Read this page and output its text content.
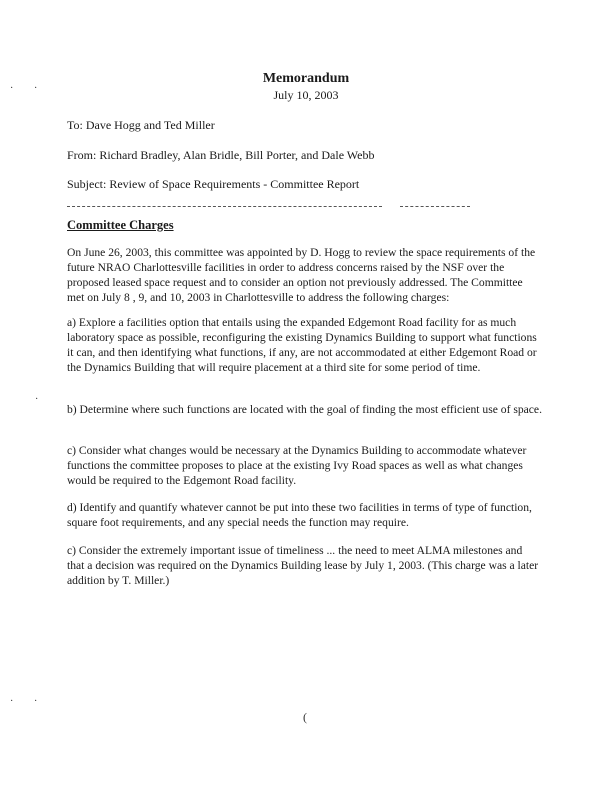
Memorandum
July 10, 2003
To: Dave Hogg and Ted Miller
From: Richard Bradley, Alan Bridle, Bill Porter, and Dale Webb
Subject: Review of Space Requirements - Committee Report
Committee Charges

On June 26, 2003, this committee was appointed by D. Hogg to review the space requirements of the future NRAO Charlottesville facilities in order to address concerns raised by the NSF over the proposed leased space request and to consider an option not previously addressed. The Committee met on July 8 , 9, and 10, 2003 in Charlottesville to address the following charges:

a) Explore a facilities option that entails using the expanded Edgemont Road facility for as much laboratory space as possible, reconfiguring the existing Dynamics Building to support what functions it can, and then identifying what functions, if any, are not accommodated at either Edgemont Road or the Dynamics Building that will require placement at a third site for some period of time.

b) Determine where such functions are located with the goal of finding the most efficient use of space.

c) Consider what changes would be necessary at the Dynamics Building to accommodate whatever functions the committee proposes to place at the existing Ivy Road spaces as well as what changes would be required to the Edgemont Road facility.

d) Identify and quantify whatever cannot be put into these two facilities in terms of type of function, square foot requirements, and any special needs the function may require.

c) Consider the extremely important issue of timeliness ... the need to meet ALMA milestones and that a decision was required on the Dynamics Building lease by July 1, 2003. (This charge was a later addition by T. Miller.)

(
· ·
·
· ·
